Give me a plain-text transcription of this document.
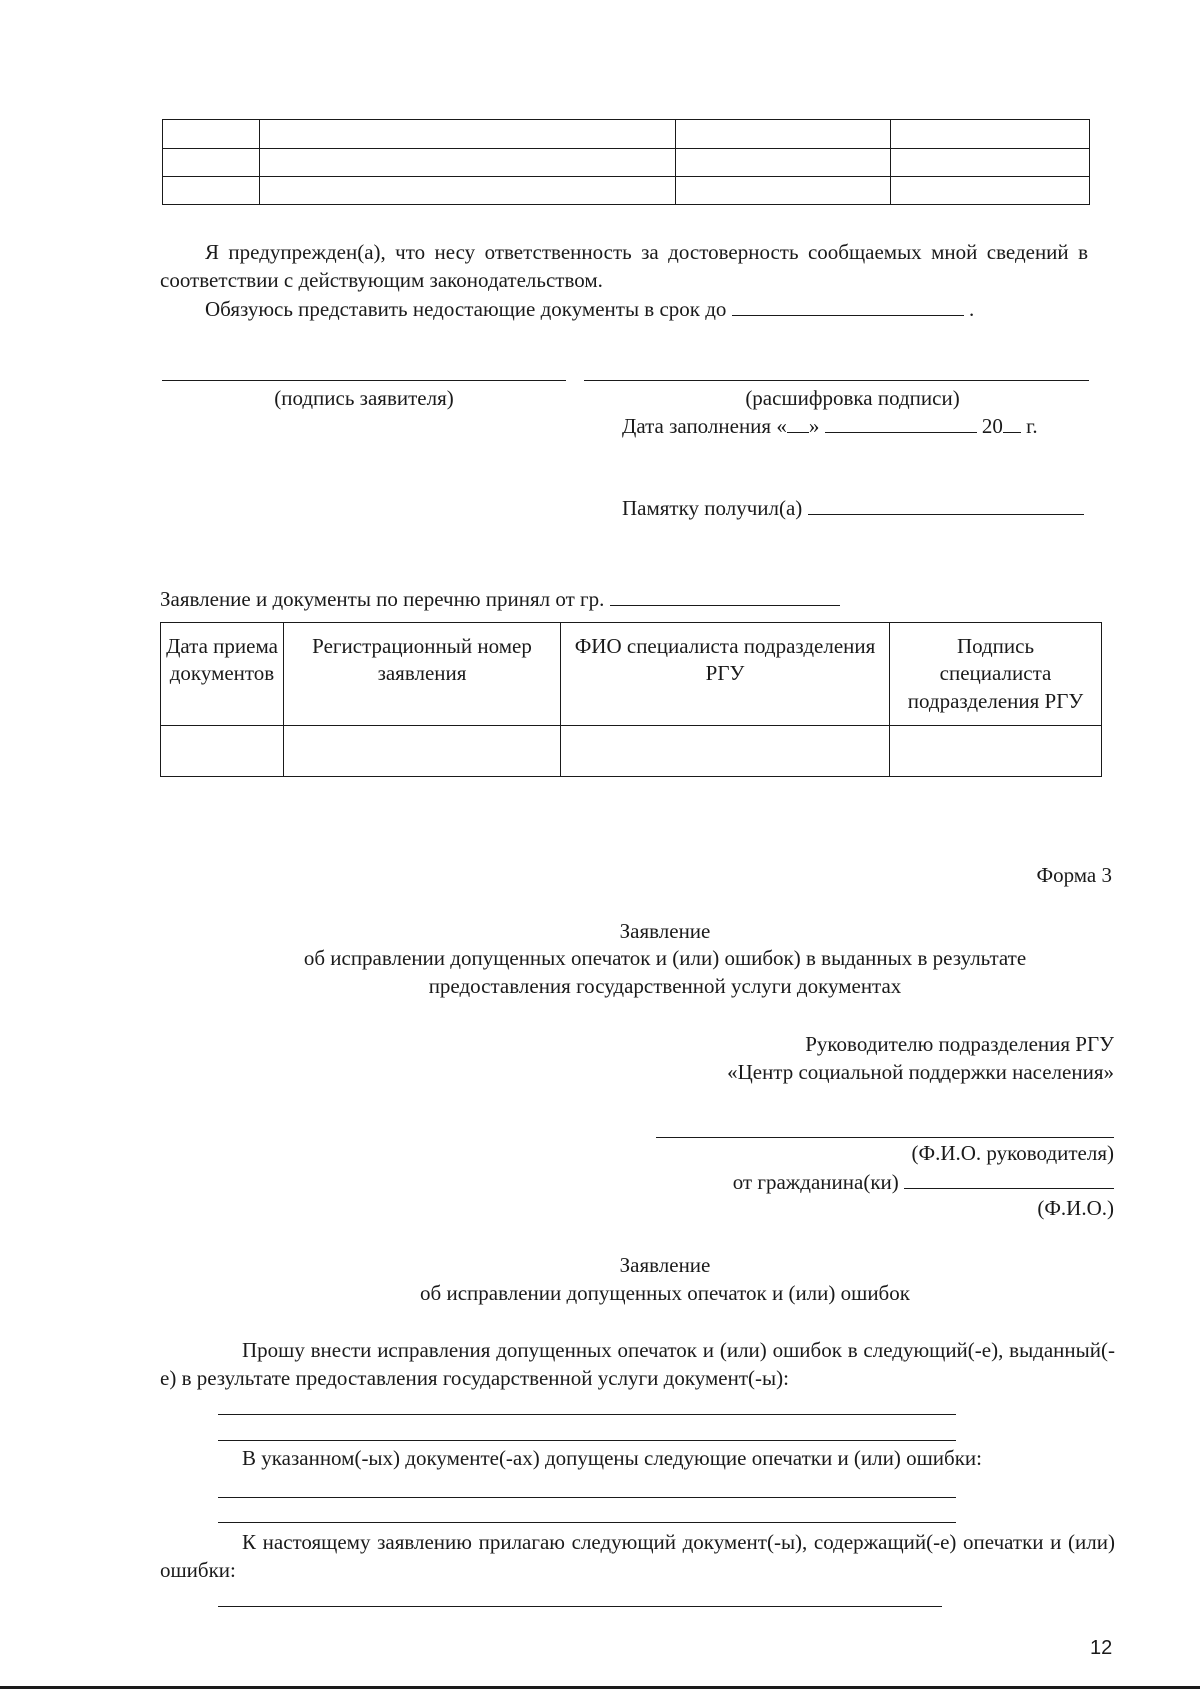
Я предупрежден(а), что несу ответственность за достоверность сообщаемых мной сведений в соответствии с действующим законодательством.
Обязуюсь представить недостающие документы в срок до	.
(подпись заявителя)	(расшифровка подписи)
Дата заполнения « »	20 г.
Памятку получил(а)
Заявление и документы по перечню принял от гр.
Дата приема документов	Регистрационный номер заявления	ФИО специалиста подразделения РГУ	Подпись специалиста подразделения РГУ

Форма 3
Заявление
об исправлении допущенных опечаток и (или) ошибок) в выданных в результате
предоставления государственной услуги документах
Руководителю подразделения РГУ
«Центр социальной поддержки населения»
(Ф.И.О. руководителя)
от гражданина(ки)
(Ф.И.О.)
Заявление
об исправлении допущенных опечаток и (или) ошибок
Прошу внести исправления допущенных опечаток и (или) ошибок в следующий(-е), выданный(-е) в результате предоставления государственной услуги документ(-ы):
В указанном(-ых) документе(-ах) допущены следующие опечатки и (или) ошибки:
К настоящему заявлению прилагаю следующий документ(-ы), содержащий(-е) опечатки и (или) ошибки:
12
